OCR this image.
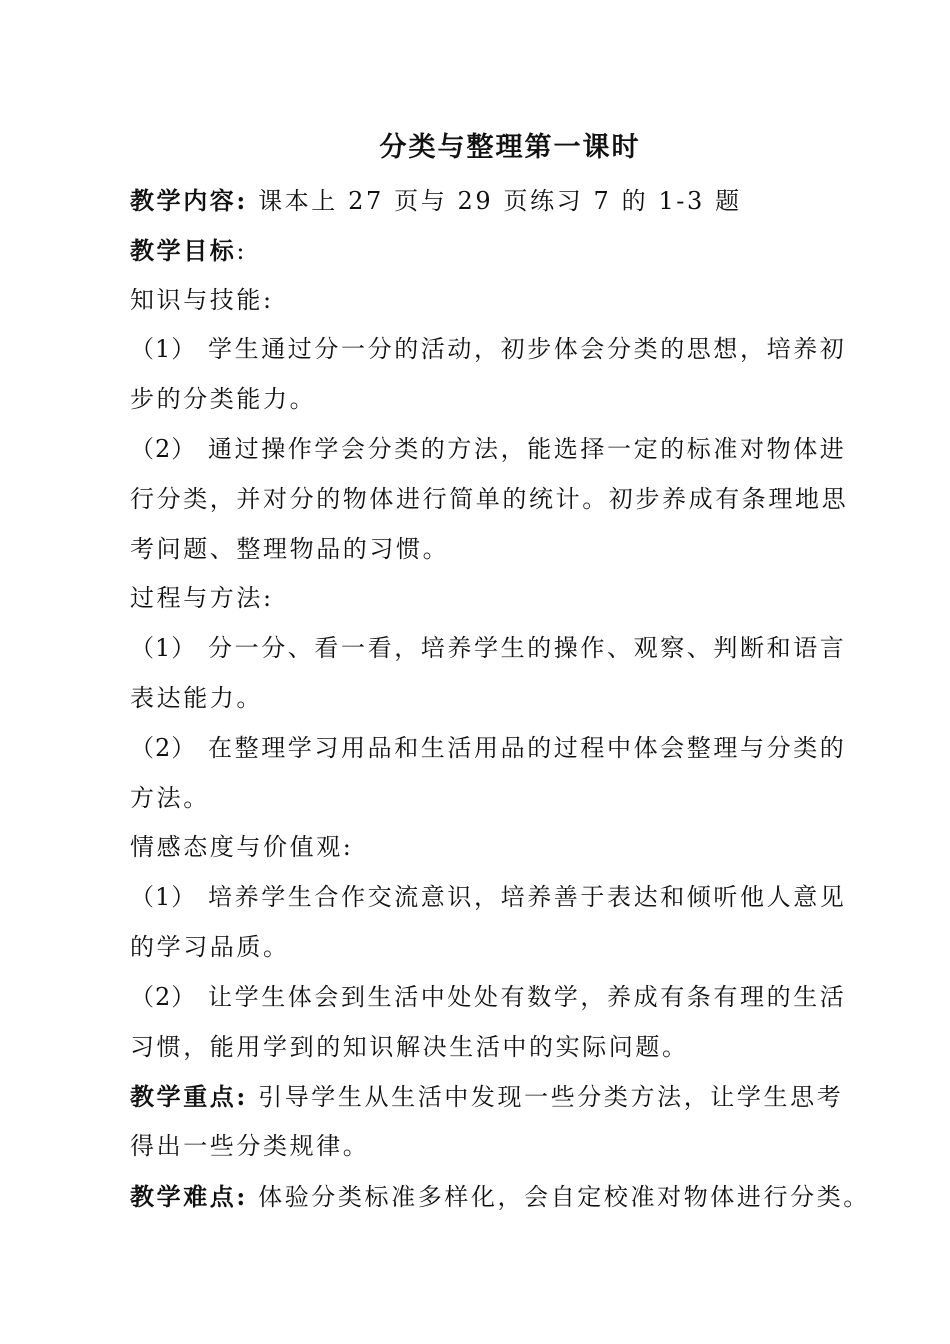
分类与整理第一课时
教学内容: 课本上 27 页与 29 页练习 7 的 1-3 题
教学目标:
知识与技能:
（1） 学生通过分一分的活动，初步体会分类的思想，培养初
步的分类能力。
（2） 通过操作学会分类的方法，能选择一定的标准对物体进
行分类，并对分的物体进行简单的统计。初步养成有条理地思
考问题、整理物品的习惯。
过程与方法:
（1） 分一分、看一看，培养学生的操作、观察、判断和语言
表达能力。
（2） 在整理学习用品和生活用品的过程中体会整理与分类的
方法。
情感态度与价值观:
（1） 培养学生合作交流意识，培养善于表达和倾听他人意见
的学习品质。
（2） 让学生体会到生活中处处有数学，养成有条有理的生活
习惯，能用学到的知识解决生活中的实际问题。
教学重点: 引导学生从生活中发现一些分类方法，让学生思考
得出一些分类规律。
教学难点: 体验分类标准多样化，会自定校准对物体进行分类。
